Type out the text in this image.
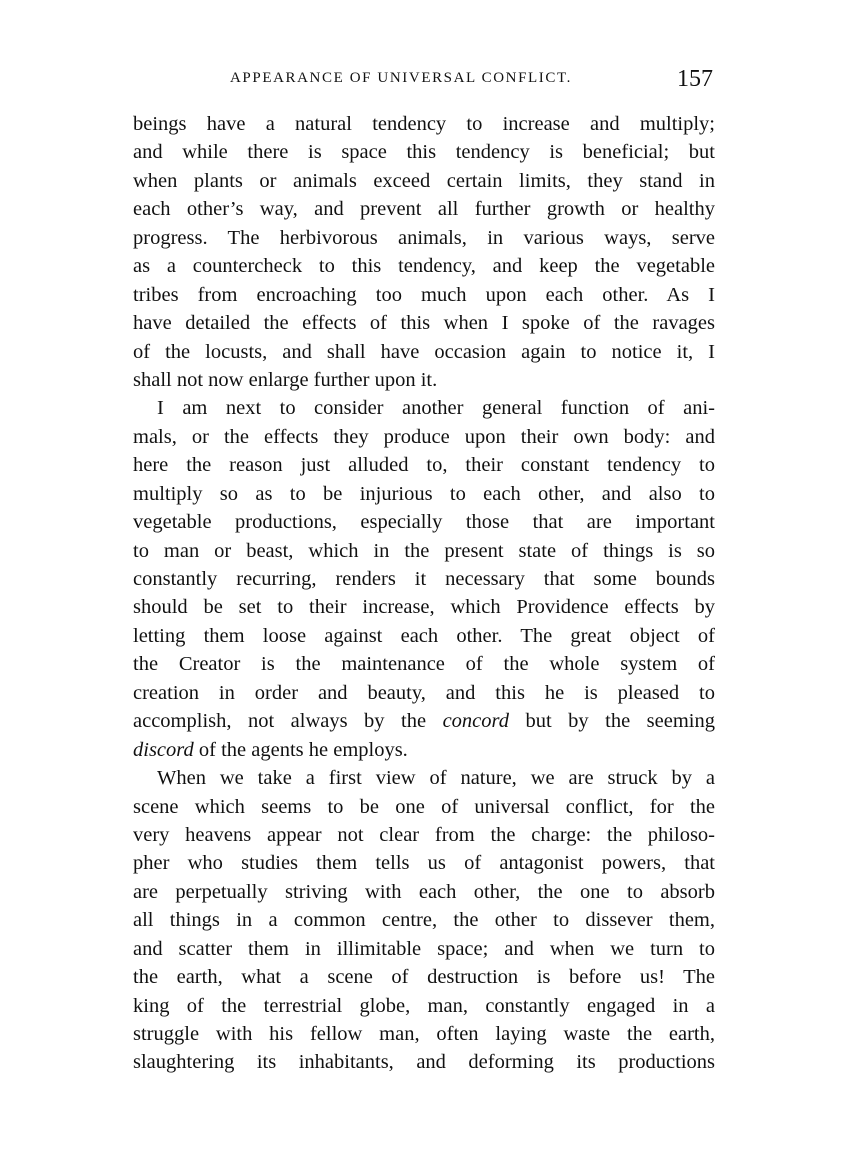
APPEARANCE OF UNIVERSAL CONFLICT.	157
beings have a natural tendency to increase and multiply;
and while there is space this tendency is beneficial; but
when plants or animals exceed certain limits, they stand in
each other’s way, and prevent all further growth or healthy
progress. The herbivorous animals, in various ways, serve
as a countercheck to this tendency, and keep the vegetable
tribes from encroaching too much upon each other. As I
have detailed the effects of this when I spoke of the ravages
of the locusts, and shall have occasion again to notice it, I
shall not now enlarge further upon it.
I am next to consider another general function of ani-
mals, or the effects they produce upon their own body: and
here the reason just alluded to, their constant tendency to
multiply so as to be injurious to each other, and also to
vegetable productions, especially those that are important
to man or beast, which in the present state of things is so
constantly recurring, renders it necessary that some bounds
should be set to their increase, which Providence effects by
letting them loose against each other. The great object of
the Creator is the maintenance of the whole system of
creation in order and beauty, and this he is pleased to
accomplish, not always by the concord but by the seeming
discord of the agents he employs.
When we take a first view of nature, we are struck by a
scene which seems to be one of universal conflict, for the
very heavens appear not clear from the charge: the philoso-
pher who studies them tells us of antagonist powers, that
are perpetually striving with each other, the one to absorb
all things in a common centre, the other to dissever them,
and scatter them in illimitable space; and when we turn to
the earth, what a scene of destruction is before us! The
king of the terrestrial globe, man, constantly engaged in a
struggle with his fellow man, often laying waste the earth,
slaughtering its inhabitants, and deforming its productions
